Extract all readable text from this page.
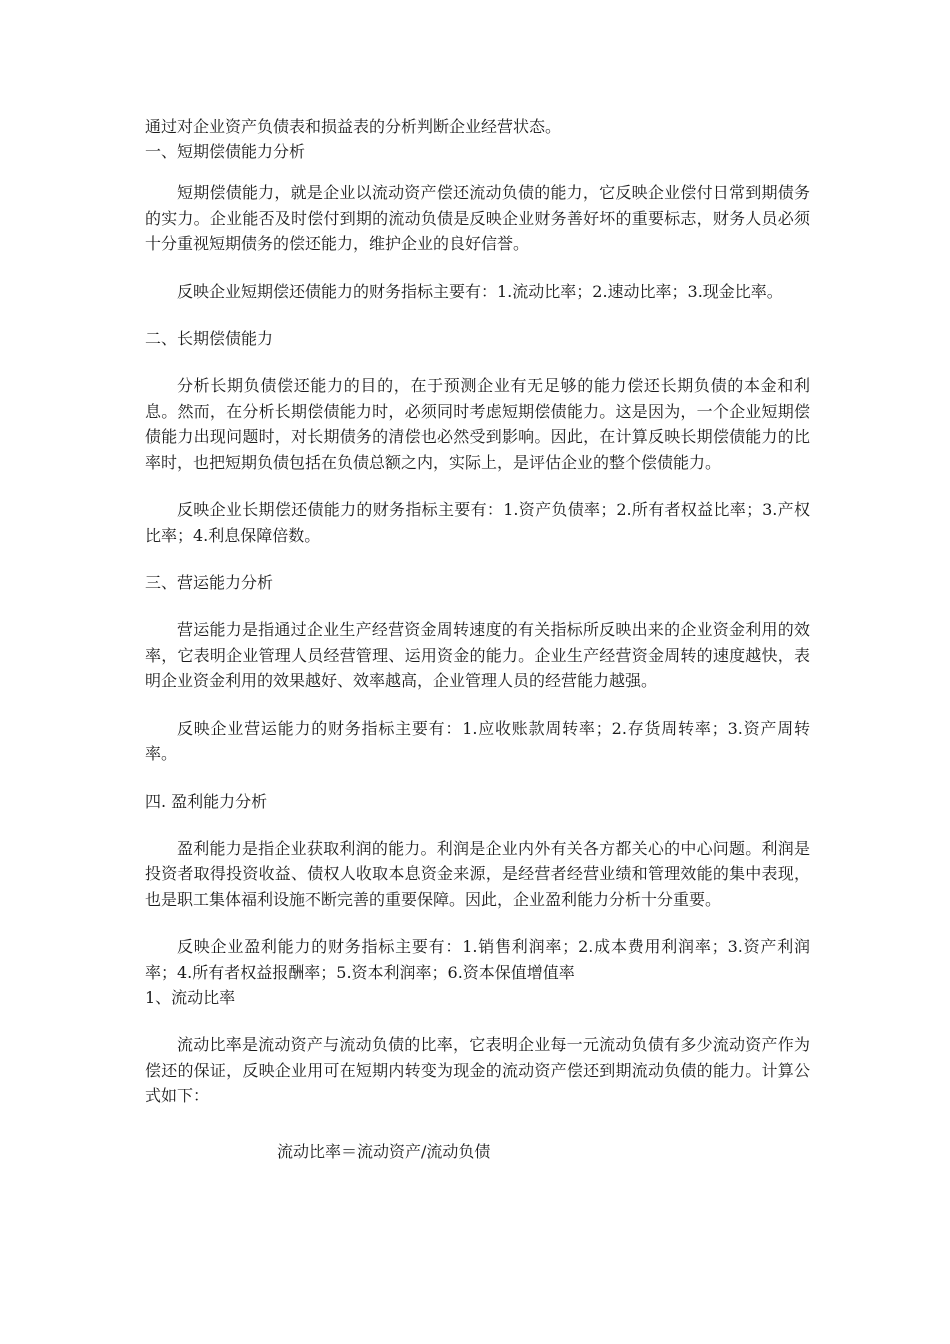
通过对企业资产负债表和损益表的分析判断企业经营状态。

一、短期偿债能力分析

短期偿债能力，就是企业以流动资产偿还流动负债的能力，它反映企业偿付日常到期债务的实力。企业能否及时偿付到期的流动负债是反映企业财务善好坏的重要标志，财务人员必须十分重视短期债务的偿还能力，维护企业的良好信誉。

反映企业短期偿还债能力的财务指标主要有：1.流动比率；2.速动比率；3.现金比率。

二、长期偿债能力

分析长期负债偿还能力的目的，在于预测企业有无足够的能力偿还长期负债的本金和利息。然而，在分析长期偿债能力时，必须同时考虑短期偿债能力。这是因为，一个企业短期偿债能力出现问题时，对长期债务的清偿也必然受到影响。因此，在计算反映长期偿债能力的比率时，也把短期负债包括在负债总额之内，实际上，是评估企业的整个偿债能力。

反映企业长期偿还债能力的财务指标主要有：1.资产负债率；2.所有者权益比率；3.产权比率；4.利息保障倍数。

三、营运能力分析

营运能力是指通过企业生产经营资金周转速度的有关指标所反映出来的企业资金利用的效率，它表明企业管理人员经营管理、运用资金的能力。企业生产经营资金周转的速度越快，表明企业资金利用的效果越好、效率越高，企业管理人员的经营能力越强。

反映企业营运能力的财务指标主要有：1.应收账款周转率；2.存货周转率；3.资产周转率。

四. 盈利能力分析

盈利能力是指企业获取利润的能力。利润是企业内外有关各方都关心的中心问题。利润是投资者取得投资收益、债权人收取本息资金来源，是经营者经营业绩和管理效能的集中表现，也是职工集体福利设施不断完善的重要保障。因此，企业盈利能力分析十分重要。

反映企业盈利能力的财务指标主要有：1.销售利润率；2.成本费用利润率；3.资产利润率；4.所有者权益报酬率；5.资本利润率；6.资本保值增值率

1、流动比率

流动比率是流动资产与流动负债的比率，它表明企业每一元流动负债有多少流动资产作为偿还的保证，反映企业用可在短期内转变为现金的流动资产偿还到期流动负债的能力。计算公式如下：

流动比率＝流动资产/流动负债
